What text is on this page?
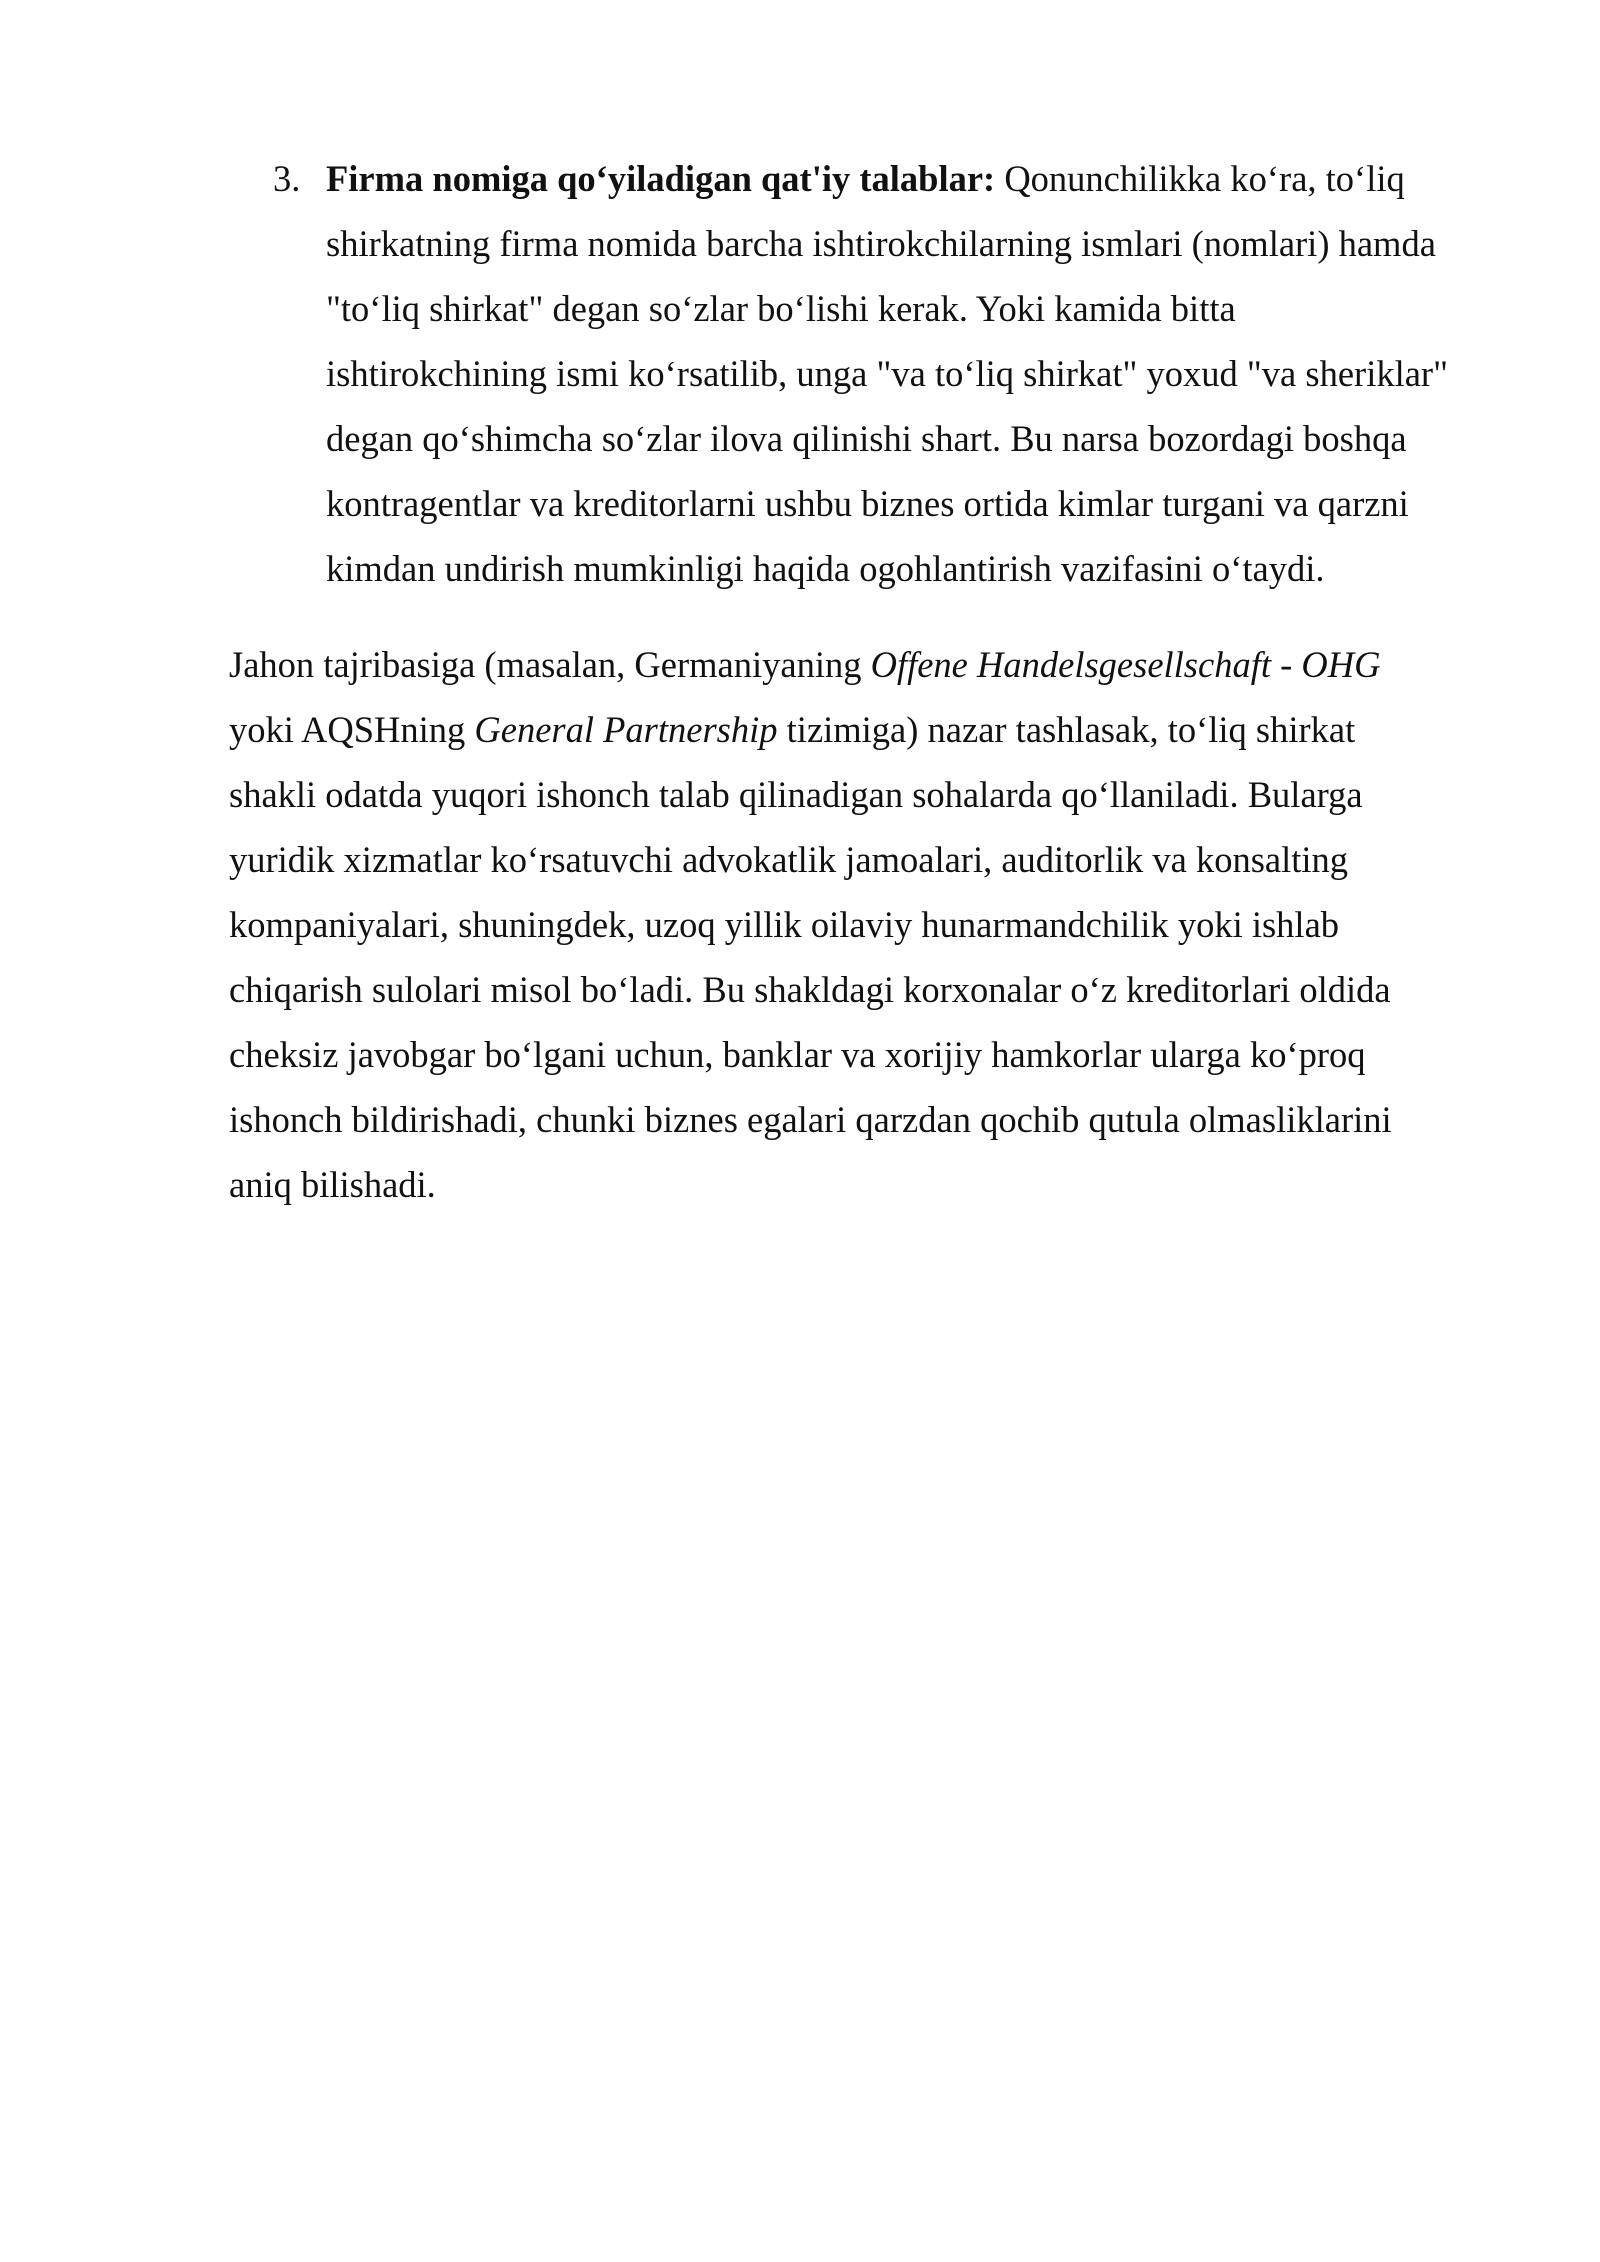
3. Firma nomiga qo‘yiladigan qat'iy talablar: Qonunchilikka ko‘ra, to‘liq
shirkatning firma nomida barcha ishtirokchilarning ismlari (nomlari) hamda
"to‘liq shirkat" degan so‘zlar bo‘lishi kerak. Yoki kamida bitta
ishtirokchining ismi ko‘rsatilib, unga "va to‘liq shirkat" yoxud "va sheriklar"
degan qo‘shimcha so‘zlar ilova qilinishi shart. Bu narsa bozordagi boshqa
kontragentlar va kreditorlarni ushbu biznes ortida kimlar turgani va qarzni
kimdan undirish mumkinligi haqida ogohlantirish vazifasini o‘taydi.
Jahon tajribasiga (masalan, Germaniyaning Offene Handelsgesellschaft - OHG
yoki AQSHning General Partnership tizimiga) nazar tashlasak, to‘liq shirkat
shakli odatda yuqori ishonch talab qilinadigan sohalarda qo‘llaniladi. Bularga
yuridik xizmatlar ko‘rsatuvchi advokatlik jamoalari, auditorlik va konsalting
kompaniyalari, shuningdek, uzoq yillik oilaviy hunarmandchilik yoki ishlab
chiqarish sulolari misol bo‘ladi. Bu shakldagi korxonalar o‘z kreditorlari oldida
cheksiz javobgar bo‘lgani uchun, banklar va xorijiy hamkorlar ularga ko‘proq
ishonch bildirishadi, chunki biznes egalari qarzdan qochib qutula olmasliklarini
aniq bilishadi.
